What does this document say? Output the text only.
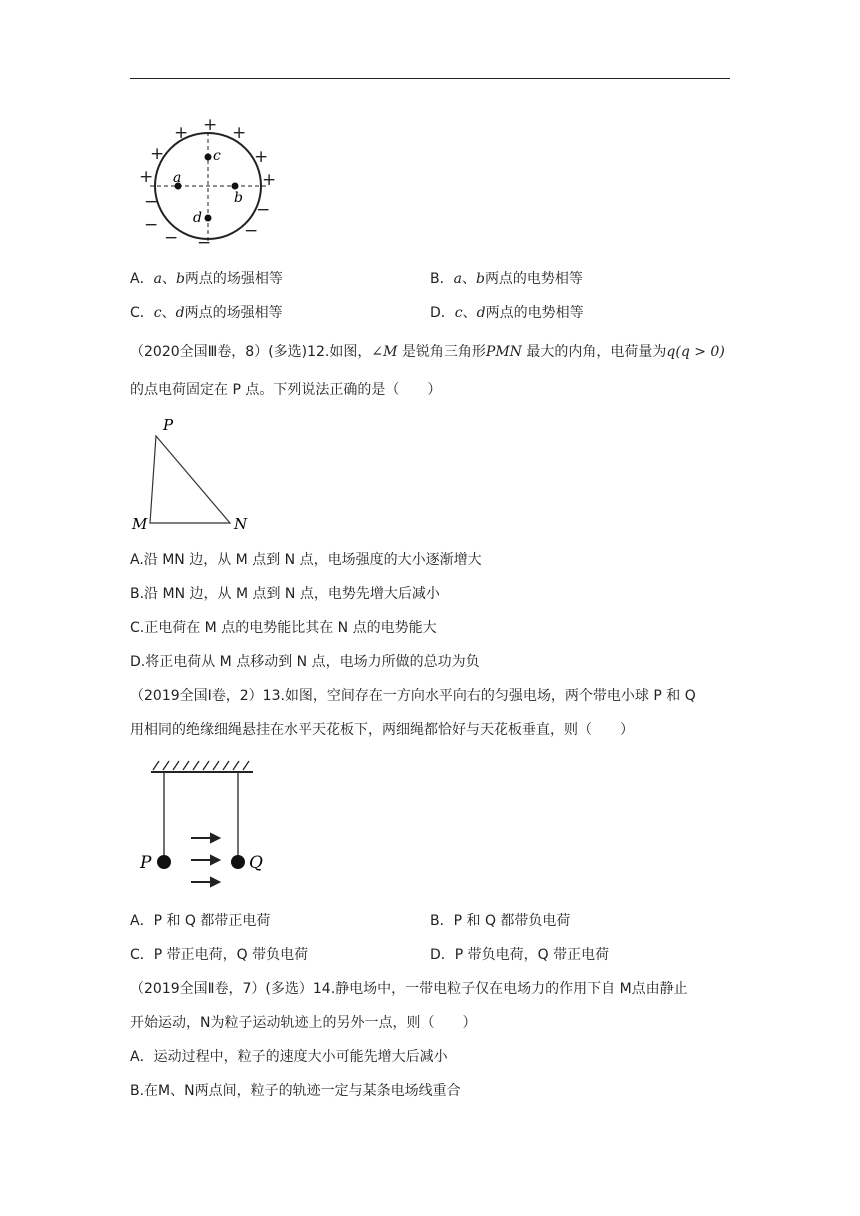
c
a
b
d
+
+	+
+	+
+	+
−	−
−	−
− −
A．a、b两点的场强相等	B．a、b两点的电势相等
C．c、d两点的场强相等	D．c、d两点的电势相等
（2020全国Ⅲ卷，8）(多选)12.如图，∠M 是锐角三角形PMN 最大的内角，电荷量为q(q > 0)
的点电荷固定在 P 点。下列说法正确的是（　　）
P
M	N
A.沿 MN 边，从 M 点到 N 点，电场强度的大小逐渐增大
B.沿 MN 边，从 M 点到 N 点，电势先增大后减小
C.正电荷在 M 点的电势能比其在 N 点的电势能大
D.将正电荷从 M 点移动到 N 点，电场力所做的总功为负
（2019全国Ⅰ卷，2）13.如图，空间存在一方向水平向右的匀强电场，两个带电小球 P 和 Q
用相同的绝缘细绳悬挂在水平天花板下，两细绳都恰好与天花板垂直，则（　　）
P	Q
A．P 和 Q 都带正电荷	B．P 和 Q 都带负电荷
C．P 带正电荷，Q 带负电荷	D．P 带负电荷，Q 带正电荷
（2019全国Ⅱ卷，7）(多选）14.静电场中，一带电粒子仅在电场力的作用下自 M点由静止
开始运动，N为粒子运动轨迹上的另外一点，则（　　）
A．运动过程中，粒子的速度大小可能先增大后减小
B.在M、N两点间，粒子的轨迹一定与某条电场线重合
